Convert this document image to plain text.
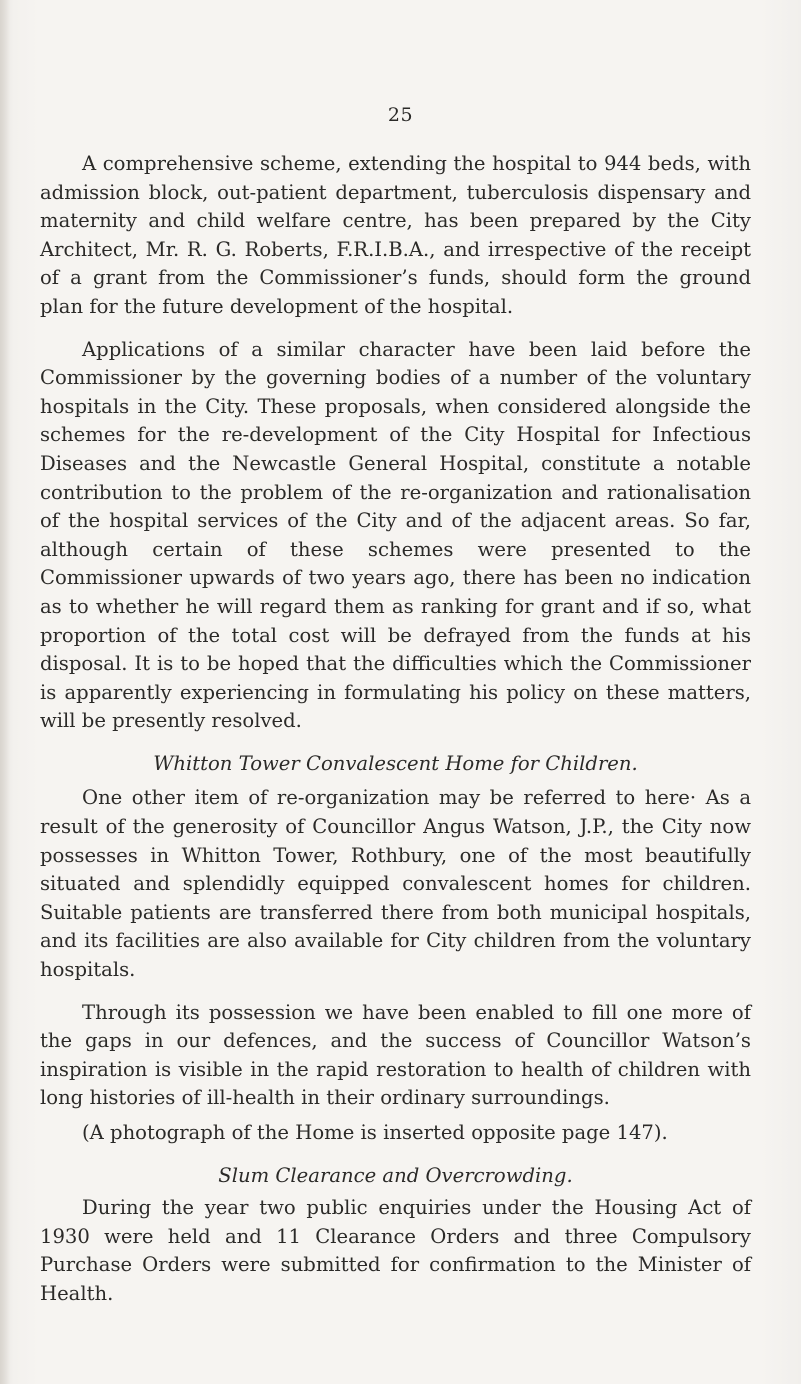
25

A comprehensive scheme, extending the hospital to 944 beds, with admission block, out-patient department, tuberculosis dispensary and maternity and child welfare centre, has been prepared by the City Architect, Mr. R. G. Roberts, F.R.I.B.A., and irrespective of the receipt of a grant from the Commissioner’s funds, should form the ground plan for the future development of the hospital.

Applications of a similar character have been laid before the Commissioner by the governing bodies of a number of the voluntary hospitals in the City. These proposals, when considered alongside the schemes for the re-development of the City Hospital for Infectious Diseases and the Newcastle General Hospital, constitute a notable contribution to the problem of the re-organization and rationalisation of the hospital services of the City and of the adjacent areas. So far, although certain of these schemes were presented to the Commissioner upwards of two years ago, there has been no indication as to whether he will regard them as ranking for grant and if so, what proportion of the total cost will be defrayed from the funds at his disposal. It is to be hoped that the difficulties which the Commissioner is apparently experiencing in formulating his policy on these matters, will be presently resolved.

Whitton Tower Convalescent Home for Children.

One other item of re-organization may be referred to here· As a result of the generosity of Councillor Angus Watson, J.P., the City now possesses in Whitton Tower, Rothbury, one of the most beautifully situated and splendidly equipped convalescent homes for children. Suitable patients are transferred there from both municipal hospitals, and its facilities are also available for City children from the voluntary hospitals.

Through its possession we have been enabled to fill one more of the gaps in our defences, and the success of Councillor Watson’s inspiration is visible in the rapid restoration to health of children with long histories of ill-health in their ordinary surroundings.

(A photograph of the Home is inserted opposite page 147).

Slum Clearance and Overcrowding.

During the year two public enquiries under the Housing Act of 1930 were held and 11 Clearance Orders and three Compulsory Purchase Orders were submitted for confirmation to the Minister of Health.
